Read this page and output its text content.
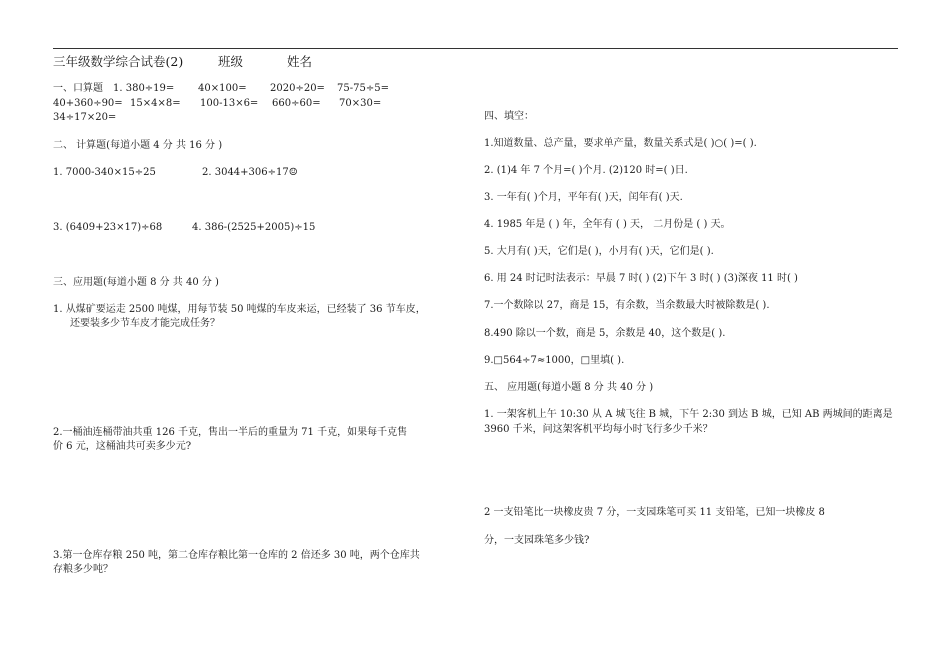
三年级数学综合试卷(2)	班级	姓名
一、口算题 1. 380÷19= 40×100= 2020÷20= 75-75÷5=
40+360÷90= 15×4×8= 100-13×6= 660÷60= 70×30=
34÷17×20=
二、 计算题(每道小题 4 分 共 16 分 )
1. 7000-340×15÷25	2. 3044+306÷17☺
3. (6409+23×17)÷68	4. 386-(2525+2005)÷15
三、应用题(每道小题 8 分 共 40 分 )
1. 从煤矿要运走 2500 吨煤，用每节装 50 吨煤的车皮来运，已经装了 36 节车皮，
还要装多少节车皮才能完成任务？
2.一桶油连桶带油共重 126 千克，售出一半后的重量为 71 千克，如果每千克售
价 6 元，这桶油共可卖多少元?
3.第一仓库存粮 250 吨，第二仓库存粮比第一仓库的 2 倍还多 30 吨，两个仓库共
存粮多少吨？
四、填空：
1.知道数量、总产量，要求单产量，数量关系式是( )○( )=( ).
2. (1)4 年 7 个月=( )个月. (2)120 时=( )日.
3. 一年有( )个月，平年有( )天，闰年有( )天.
4. 1985 年是 ( ) 年，全年有 ( ) 天， 二月份是 ( ) 天。
5. 大月有( )天，它们是( )，小月有( )天，它们是( ).
6. 用 24 时记时法表示：早晨 7 时( ) (2)下午 3 时( ) (3)深夜 11 时( )
7.一个数除以 27，商是 15，有余数，当余数最大时被除数是( ).
8.490 除以一个数，商是 5，余数是 40，这个数是( ).
9.□564÷7≈1000，□里填( ).
五、 应用题(每道小题 8 分 共 40 分 )
1. 一架客机上午 10:30 从 A 城飞往 B 城，下午 2:30 到达 B 城，已知 AB 两城间的距离是
3960 千米，问这架客机平均每小时飞行多少千米？
2 一支铅笔比一块橡皮贵 7 分，一支园珠笔可买 11 支铅笔，已知一块橡皮 8
分，一支园珠笔多少钱?
